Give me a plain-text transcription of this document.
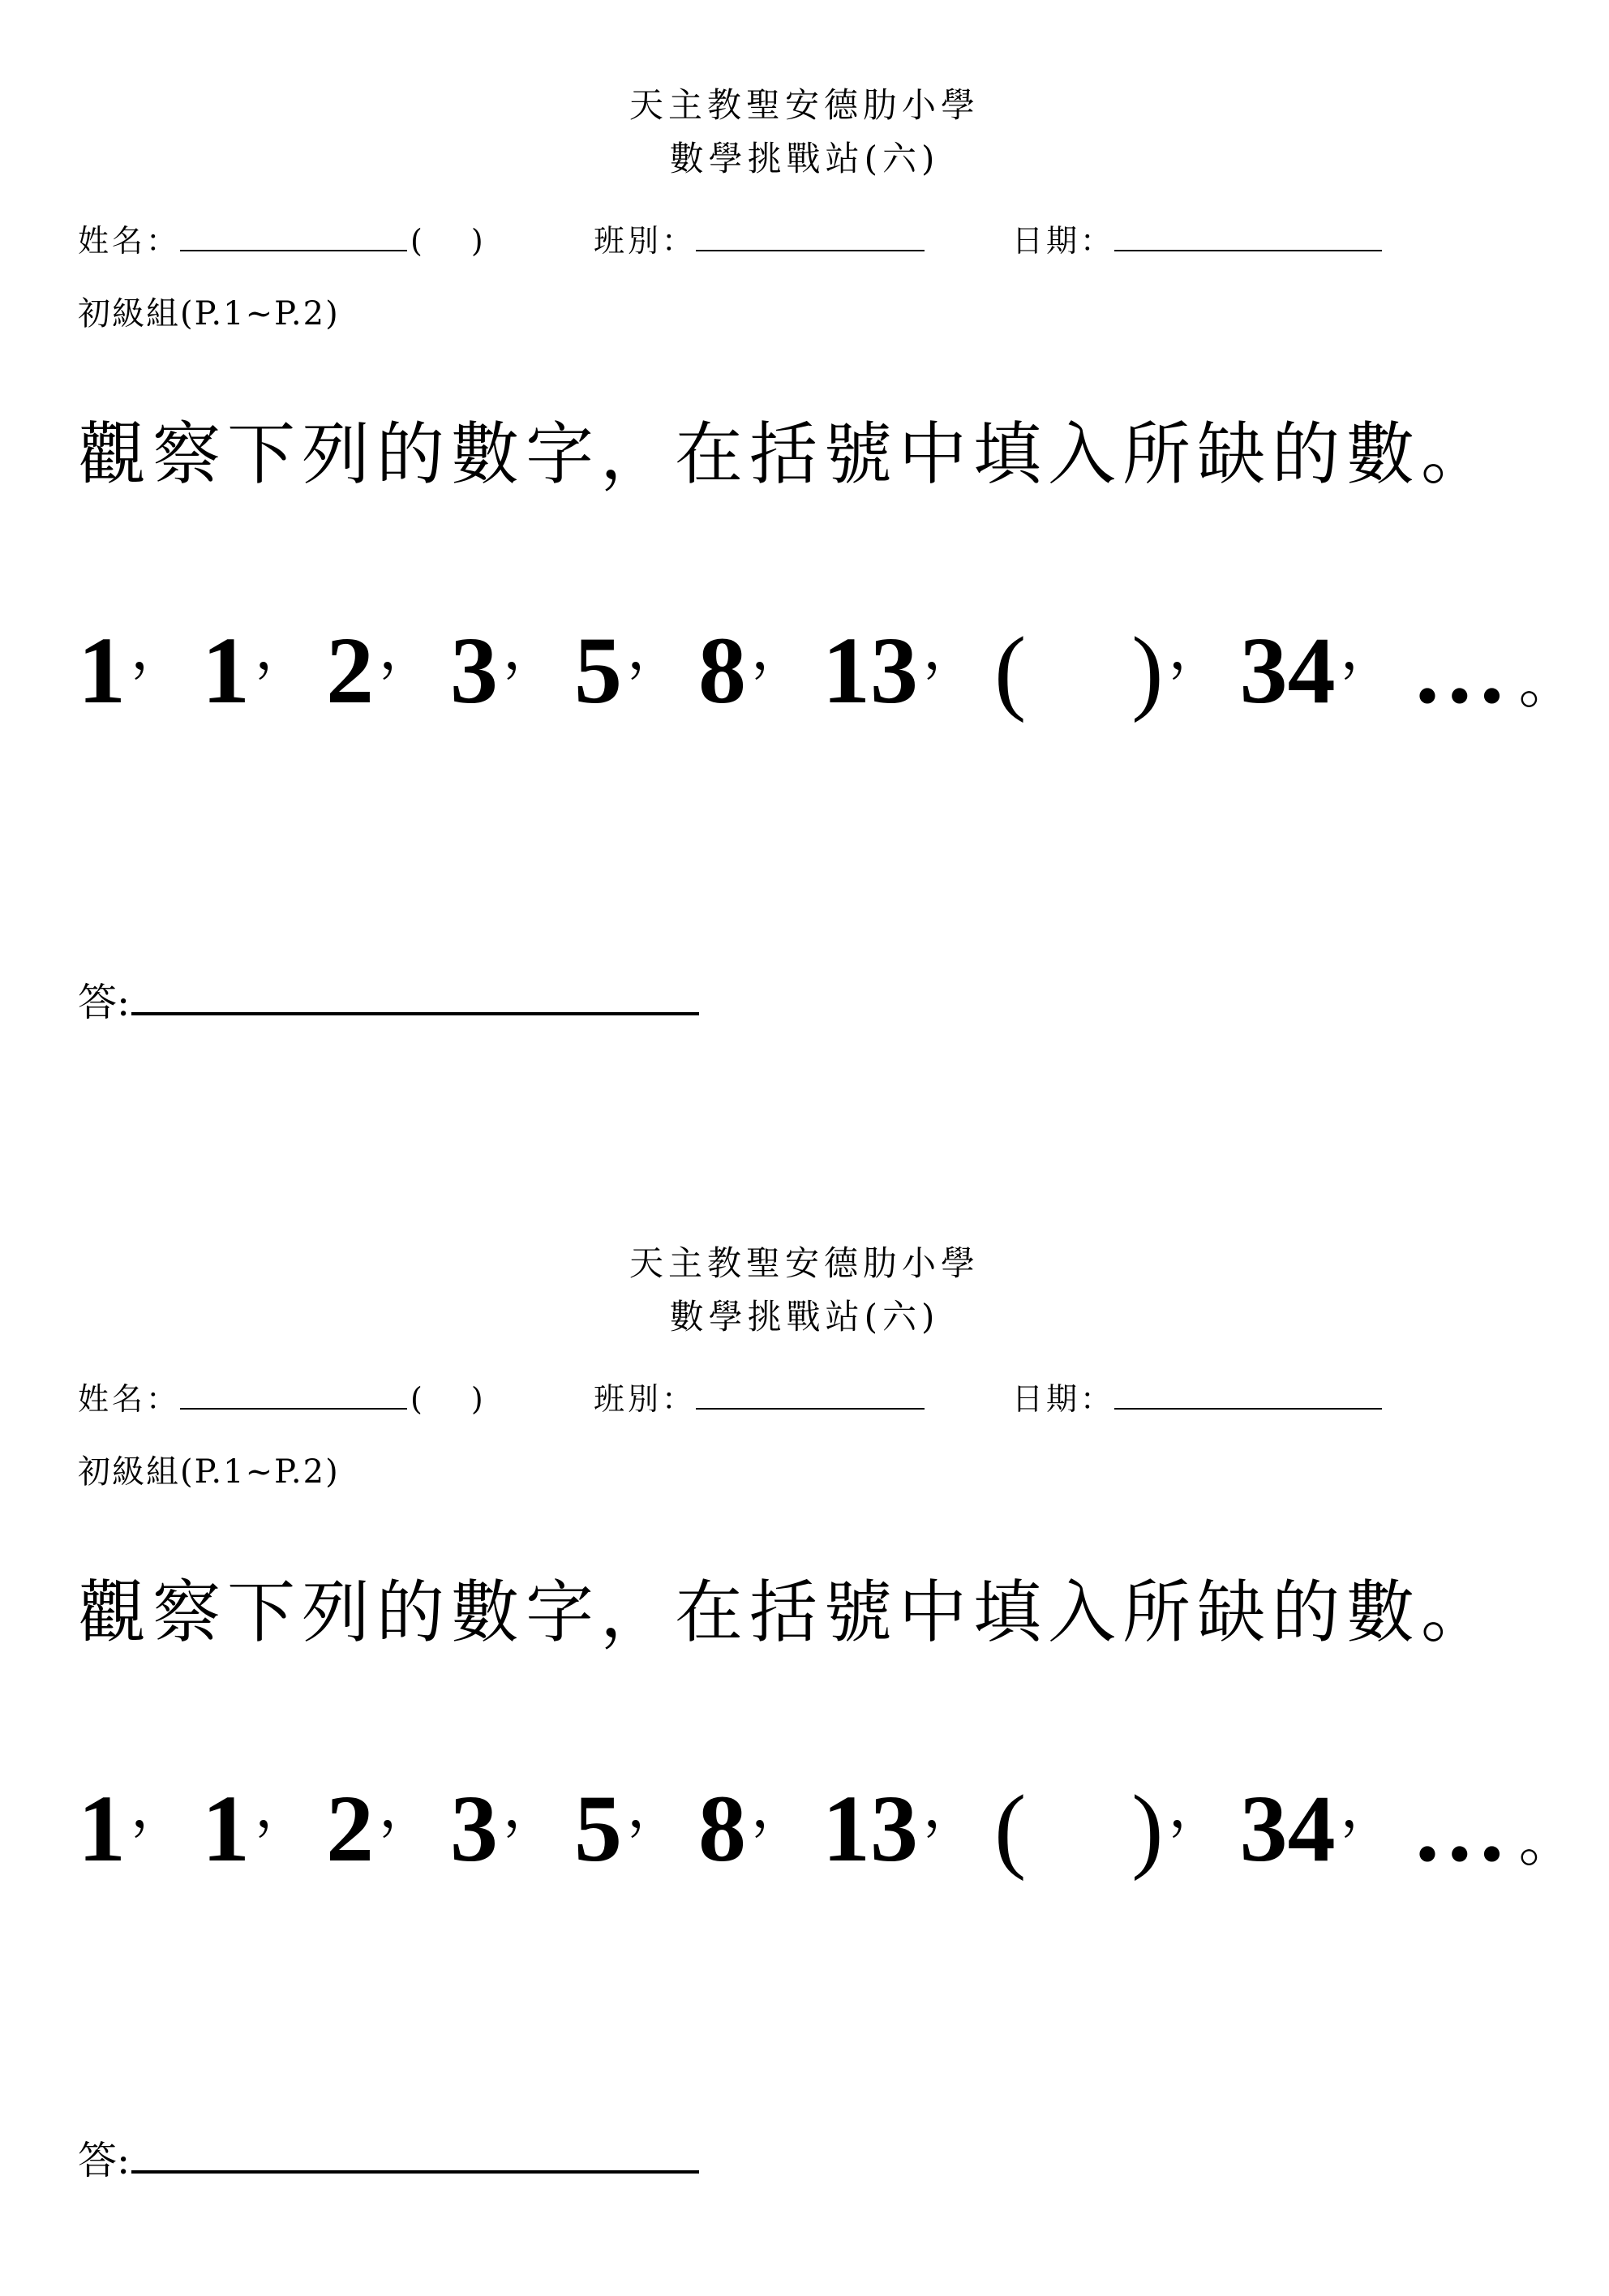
天主教聖安德肋小學
數學挑戰站(六)
姓名：	( )	班別：	日期：
初級組(P.1~P.2)
觀察下列的數字，在括號中填入所缺的數。
1， 1， 2， 3， 5， 8， 13， ( )， 34， … 。
答:
天主教聖安德肋小學
數學挑戰站(六)
姓名：	( )	班別：	日期：
初級組(P.1~P.2)
觀察下列的數字，在括號中填入所缺的數。
1， 1， 2， 3， 5， 8， 13， ( )， 34， … 。
答:
